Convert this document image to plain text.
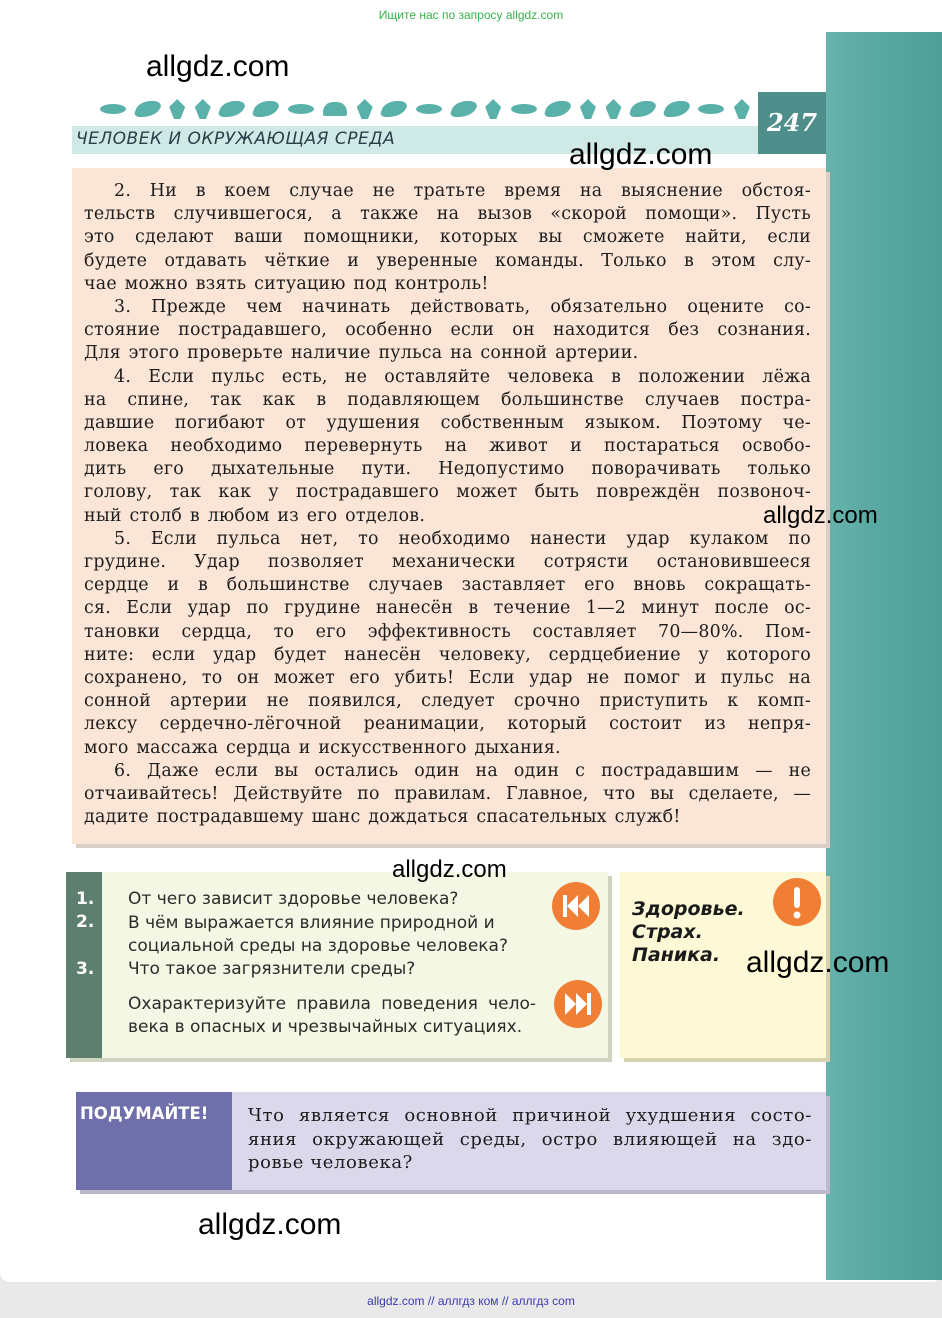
Ищите нас по запросу allgdz.com
247
ЧЕЛОВЕК И ОКРУЖАЮЩАЯ СРЕДА
2. Ни в коем случае не тратьте время на выяснение обстоя-
тельств случившегося, а также на вызов «скорой помощи». Пусть
это сделают ваши помощники, которых вы сможете найти, если
будете отдавать чёткие и уверенные команды. Только в этом слу-
чае можно взять ситуацию под контроль!
3. Прежде чем начинать действовать, обязательно оцените со-
стояние пострадавшего, особенно если он находится без сознания.
Для этого проверьте наличие пульса на сонной артерии.
4. Если пульс есть, не оставляйте человека в положении лёжа
на спине, так как в подавляющем большинстве случаев постра-
давшие погибают от удушения собственным языком. Поэтому че-
ловека необходимо перевернуть на живот и постараться освобо-
дить его дыхательные пути. Недопустимо поворачивать только
голову, так как у пострадавшего может быть повреждён позвоноч-
ный столб в любом из его отделов.
5. Если пульса нет, то необходимо нанести удар кулаком по
грудине. Удар позволяет механически сотрясти остановившееся
сердце и в большинстве случаев заставляет его вновь сокращать-
ся. Если удар по грудине нанесён в течение 1—2 минут после ос-
тановки сердца, то его эффективность составляет 70—80%. Пом-
ните: если удар будет нанесён человеку, сердцебиение у которого
сохранено, то он может его убить! Если удар не помог и пульс на
сонной артерии не появился, следует срочно приступить к комп-
лексу сердечно-лёгочной реанимации, который состоит из непря-
мого массажа сердца и искусственного дыхания.
6. Даже если вы остались один на один с пострадавшим — не
отчаивайтесь! Действуйте по правилам. Главное, что вы сделаете, —
дадите пострадавшему шанс дождаться спасательных служб!
1.
2.
3.
От чего зависит здоровье человека?
В чём выражается влияние природной и
социальной среды на здоровье человека?
Что такое загрязнители среды?
Охарактеризуйте правила поведения чело-
века в опасных и чрезвычайных ситуациях.
Здоровье.
Страх.
Паника.
ПОДУМАЙТЕ! Что является основной причиной ухудшения состо-
яния окружающей среды, остро влияющей на здо-
ровье человека?
allgdz.com
allgdz.com
allgdz.com
allgdz.com
allgdz.com
allgdz.com
allgdz.com // аллгдз ком // аллгдз com
